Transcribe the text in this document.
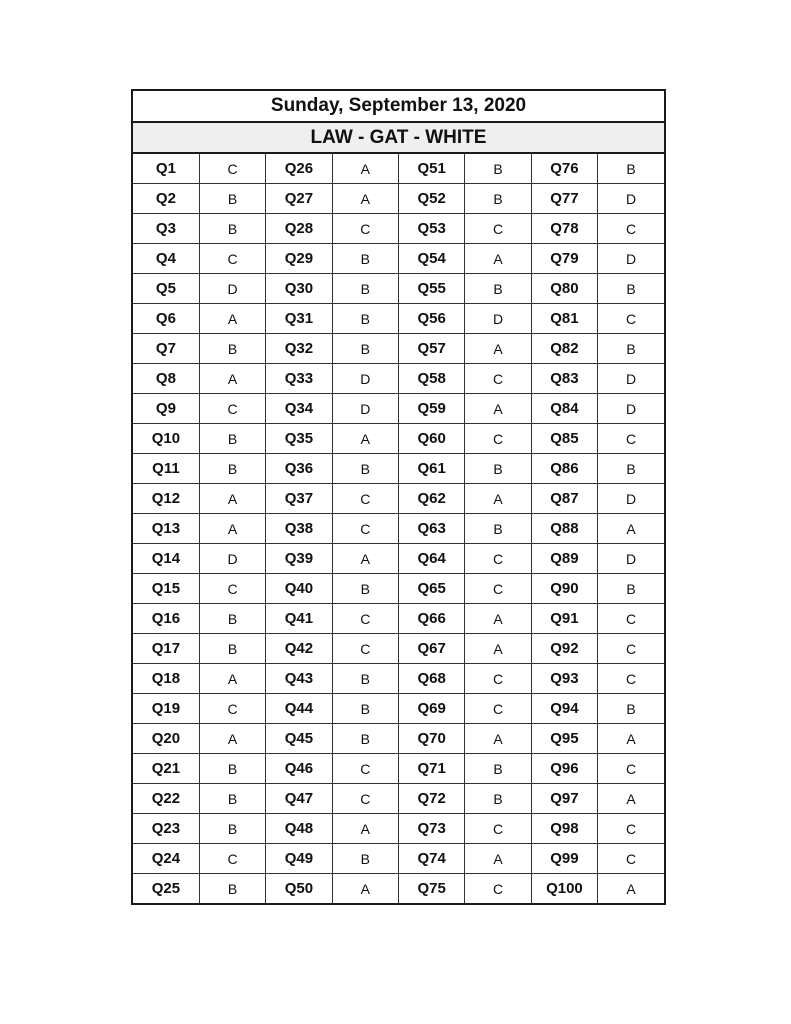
Sunday, September 13, 2020
LAW - GAT - WHITE
Q1	C	Q26	A	Q51	B	Q76	B
Q2	B	Q27	A	Q52	B	Q77	D
Q3	B	Q28	C	Q53	C	Q78	C
Q4	C	Q29	B	Q54	A	Q79	D
Q5	D	Q30	B	Q55	B	Q80	B
Q6	A	Q31	B	Q56	D	Q81	C
Q7	B	Q32	B	Q57	A	Q82	B
Q8	A	Q33	D	Q58	C	Q83	D
Q9	C	Q34	D	Q59	A	Q84	D
Q10	B	Q35	A	Q60	C	Q85	C
Q11	B	Q36	B	Q61	B	Q86	B
Q12	A	Q37	C	Q62	A	Q87	D
Q13	A	Q38	C	Q63	B	Q88	A
Q14	D	Q39	A	Q64	C	Q89	D
Q15	C	Q40	B	Q65	C	Q90	B
Q16	B	Q41	C	Q66	A	Q91	C
Q17	B	Q42	C	Q67	A	Q92	C
Q18	A	Q43	B	Q68	C	Q93	C
Q19	C	Q44	B	Q69	C	Q94	B
Q20	A	Q45	B	Q70	A	Q95	A
Q21	B	Q46	C	Q71	B	Q96	C
Q22	B	Q47	C	Q72	B	Q97	A
Q23	B	Q48	A	Q73	C	Q98	C
Q24	C	Q49	B	Q74	A	Q99	C
Q25	B	Q50	A	Q75	C	Q100	A
